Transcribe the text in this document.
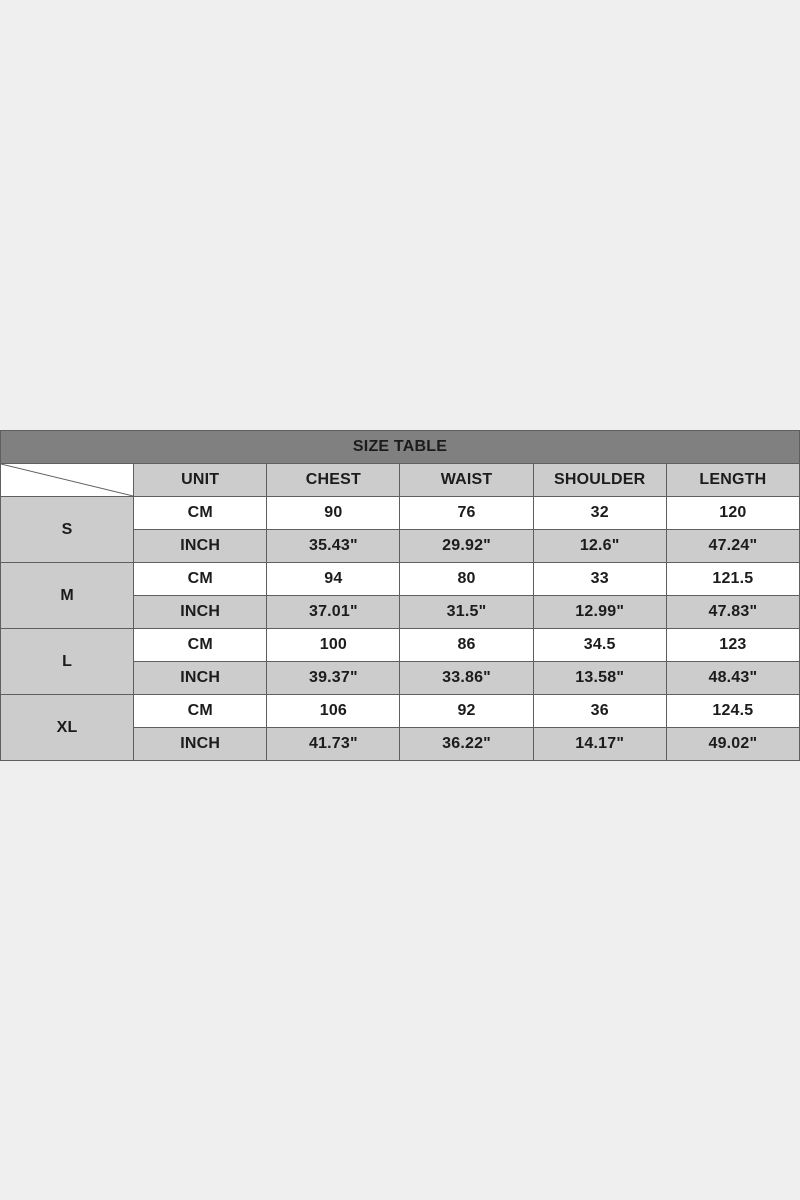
SIZE TABLE					

	UNIT	CHEST	WAIST	SHOULDER	LENGTH
S	CM	90	76	32	120
	INCH	35.43"	29.92"	12.6"	47.24"
M	CM	94	80	33	121.5
	INCH	37.01"	31.5"	12.99"	47.83"
L	CM	100	86	34.5	123
	INCH	39.37"	33.86"	13.58"	48.43"
XL	CM	106	92	36	124.5
	INCH	41.73"	36.22"	14.17"	49.02"
